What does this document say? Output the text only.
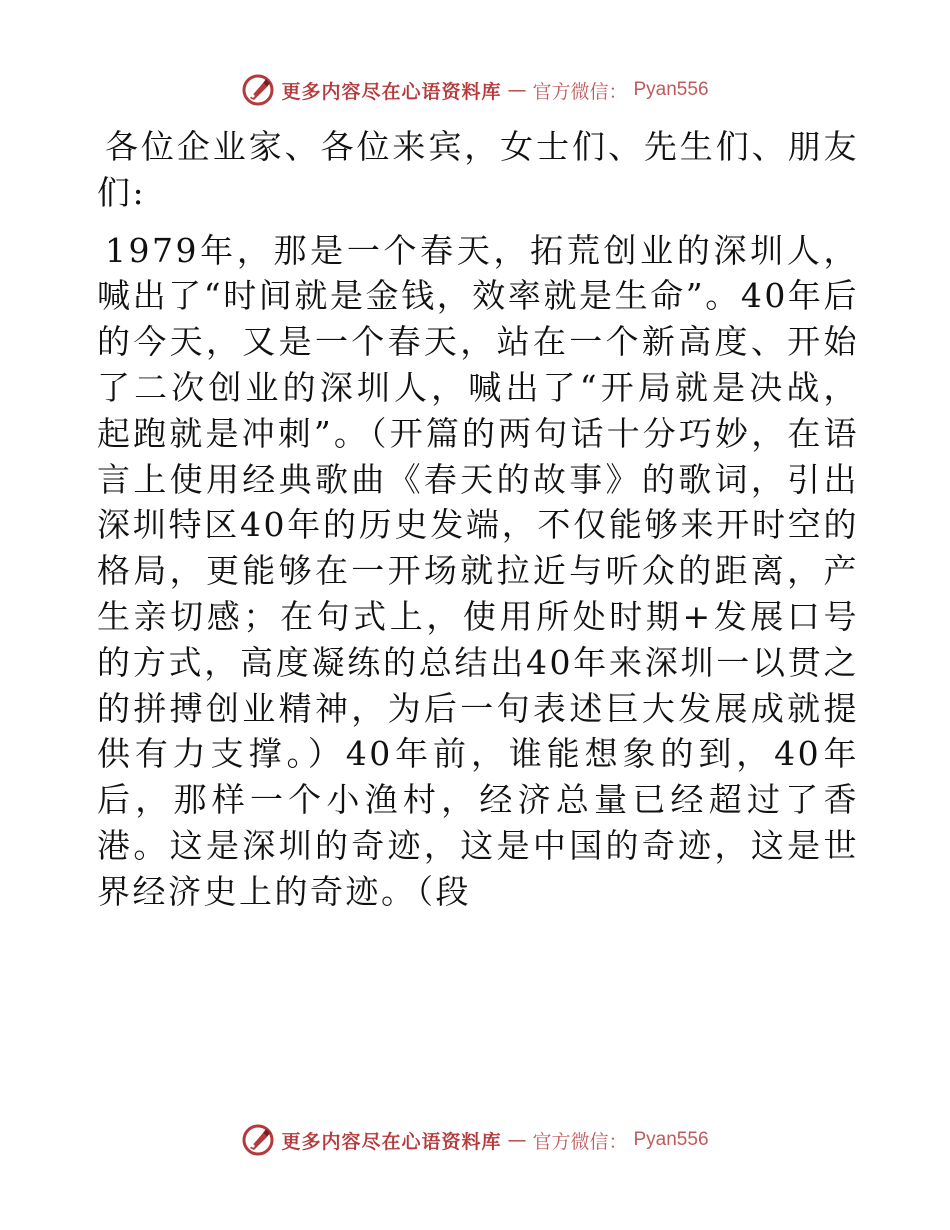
更多内容尽在心语资料库 — 官方微信： Pyan556

各位企业家、各位来宾，女士们、先生们、朋友们:

1979年，那是一个春天，拓荒创业的深圳人，喊出了“时间就是金钱，效率就是生命”。40年后的今天，又是一个春天，站在一个新高度、开始了二次创业的深圳人，喊出了“开局就是决战，起跑就是冲刺”。（开篇的两句话十分巧妙，在语言上使用经典歌曲《春天的故事》的歌词，引出深圳特区40年的历史发端，不仅能够来开时空的格局，更能够在一开场就拉近与听众的距离，产生亲切感；在句式上，使用所处时期+发展口号的方式，高度凝练的总结出40年来深圳一以贯之的拼搏创业精神，为后一句表述巨大发展成就提供有力支撑。）40年前，谁能想象的到，40年后，那样一个小渔村，经济总量已经超过了香港。这是深圳的奇迹，这是中国的奇迹，这是世界经济史上的奇迹。（段

更多内容尽在心语资料库 — 官方微信： Pyan556
